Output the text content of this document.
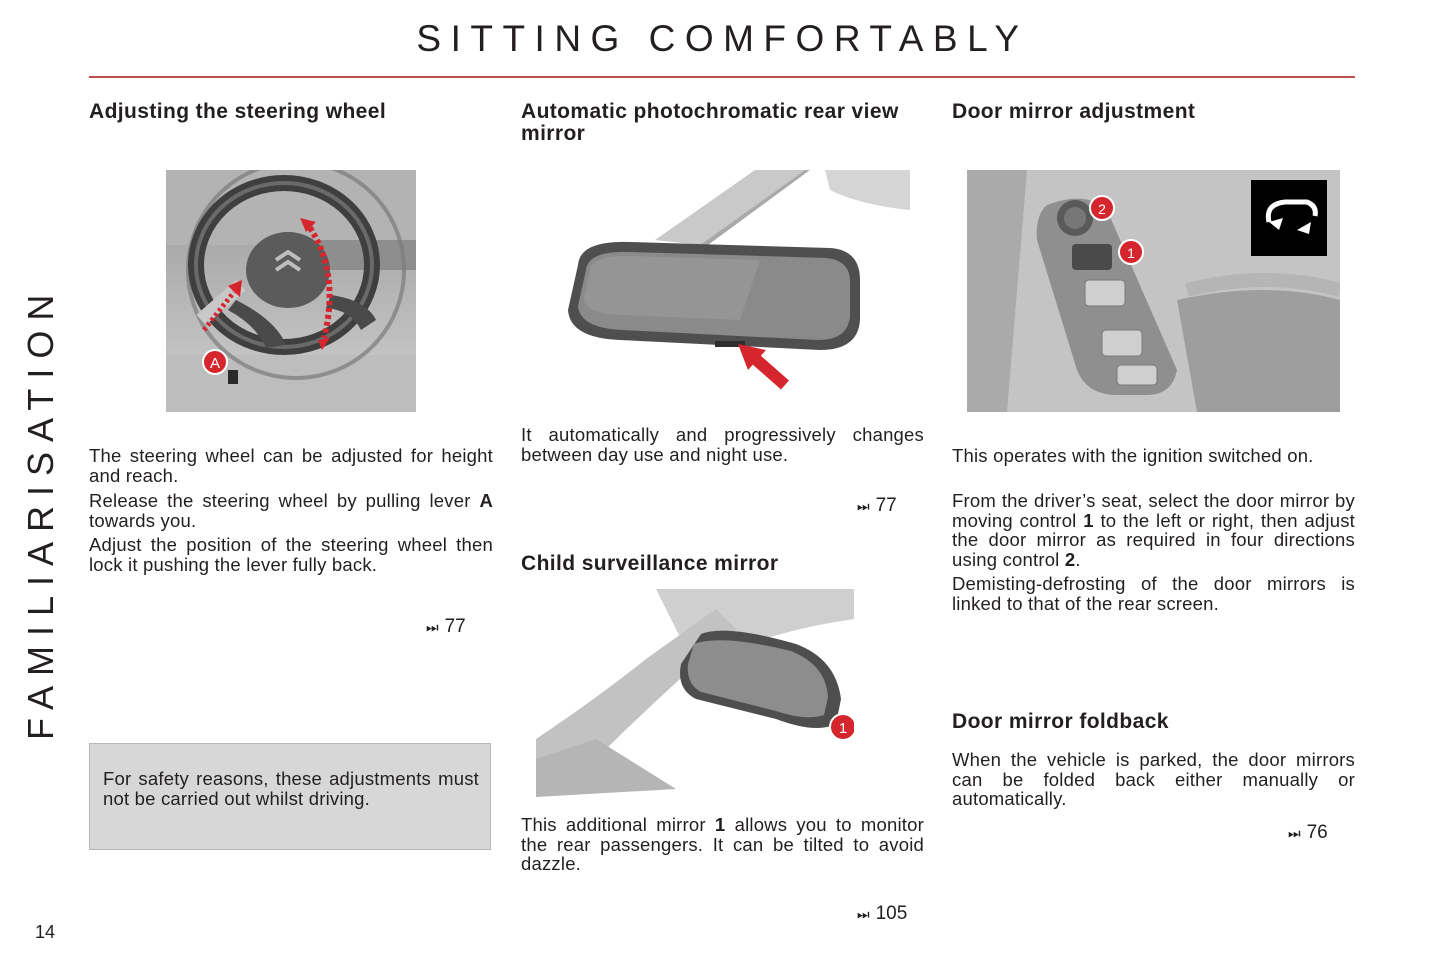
SITTING COMFORTABLY
FAMILIARISATION
Adjusting the steering wheel
A

The steering wheel can be adjusted for height and reach.

Release the steering wheel by pulling lever A towards you.

Adjust the position of the steering wheel then lock it pushing the lever fully back.

⏭ 77

For safety reasons, these adjustments must not be carried out whilst driving.

Automatic photochromatic rear view mirror

It automatically and progressively changes between day use and night use.

⏭ 77
Child surveillance mirror
1

This additional mirror 1 allows you to monitor the rear passengers. It can be tilted to avoid dazzle.

⏭ 105
Door mirror adjustment
2
1

This operates with the ignition switched on.

From the driver’s seat, select the door mirror by moving control 1 to the left or right, then adjust the door mirror as required in four directions using control 2.

Demisting-defrosting of the door mirrors is linked to that of the rear screen.

Door mirror foldback

When the vehicle is parked, the door mirrors can be folded back either manually or automatically.

⏭ 76
14
